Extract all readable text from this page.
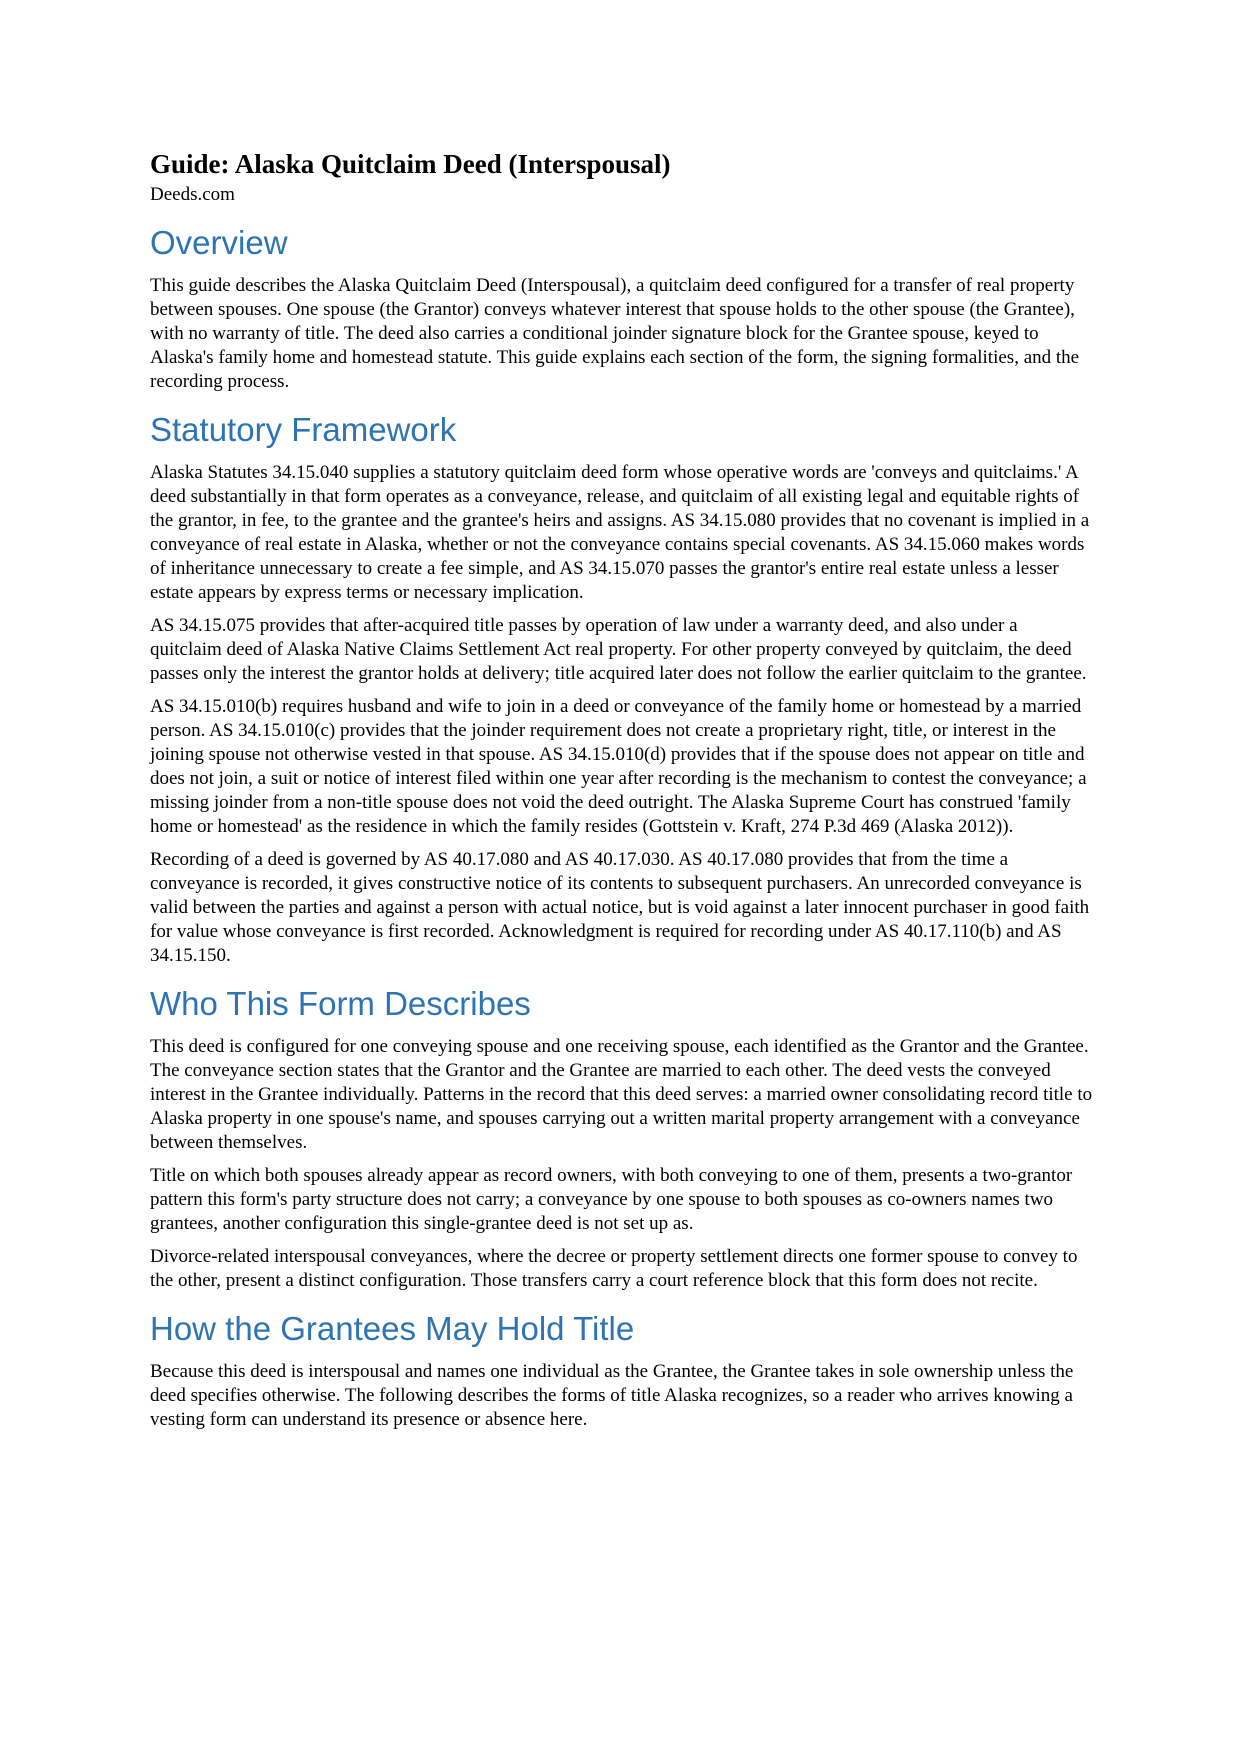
Guide: Alaska Quitclaim Deed (Interspousal)

Deeds.com

Overview

This guide describes the Alaska Quitclaim Deed (Interspousal), a quitclaim deed configured for a transfer of real property between spouses. One spouse (the Grantor) conveys whatever interest that spouse holds to the other spouse (the Grantee), with no warranty of title. The deed also carries a conditional joinder signature block for the Grantee spouse, keyed to Alaska's family home and homestead statute. This guide explains each section of the form, the signing formalities, and the recording process.

Statutory Framework

Alaska Statutes 34.15.040 supplies a statutory quitclaim deed form whose operative words are 'conveys and quitclaims.' A deed substantially in that form operates as a conveyance, release, and quitclaim of all existing legal and equitable rights of the grantor, in fee, to the grantee and the grantee's heirs and assigns. AS 34.15.080 provides that no covenant is implied in a conveyance of real estate in Alaska, whether or not the conveyance contains special covenants. AS 34.15.060 makes words of inheritance unnecessary to create a fee simple, and AS 34.15.070 passes the grantor's entire real estate unless a lesser estate appears by express terms or necessary implication.

AS 34.15.075 provides that after-acquired title passes by operation of law under a warranty deed, and also under a quitclaim deed of Alaska Native Claims Settlement Act real property. For other property conveyed by quitclaim, the deed passes only the interest the grantor holds at delivery; title acquired later does not follow the earlier quitclaim to the grantee.

AS 34.15.010(b) requires husband and wife to join in a deed or conveyance of the family home or homestead by a married person. AS 34.15.010(c) provides that the joinder requirement does not create a proprietary right, title, or interest in the joining spouse not otherwise vested in that spouse. AS 34.15.010(d) provides that if the spouse does not appear on title and does not join, a suit or notice of interest filed within one year after recording is the mechanism to contest the conveyance; a missing joinder from a non-title spouse does not void the deed outright. The Alaska Supreme Court has construed 'family home or homestead' as the residence in which the family resides (Gottstein v. Kraft, 274 P.3d 469 (Alaska 2012)).

Recording of a deed is governed by AS 40.17.080 and AS 40.17.030. AS 40.17.080 provides that from the time a conveyance is recorded, it gives constructive notice of its contents to subsequent purchasers. An unrecorded conveyance is valid between the parties and against a person with actual notice, but is void against a later innocent purchaser in good faith for value whose conveyance is first recorded. Acknowledgment is required for recording under AS 40.17.110(b) and AS 34.15.150.

Who This Form Describes

This deed is configured for one conveying spouse and one receiving spouse, each identified as the Grantor and the Grantee. The conveyance section states that the Grantor and the Grantee are married to each other. The deed vests the conveyed interest in the Grantee individually. Patterns in the record that this deed serves: a married owner consolidating record title to Alaska property in one spouse's name, and spouses carrying out a written marital property arrangement with a conveyance between themselves.

Title on which both spouses already appear as record owners, with both conveying to one of them, presents a two-grantor pattern this form's party structure does not carry; a conveyance by one spouse to both spouses as co-owners names two grantees, another configuration this single-grantee deed is not set up as.

Divorce-related interspousal conveyances, where the decree or property settlement directs one former spouse to convey to the other, present a distinct configuration. Those transfers carry a court reference block that this form does not recite.

How the Grantees May Hold Title

Because this deed is interspousal and names one individual as the Grantee, the Grantee takes in sole ownership unless the deed specifies otherwise. The following describes the forms of title Alaska recognizes, so a reader who arrives knowing a vesting form can understand its presence or absence here.
